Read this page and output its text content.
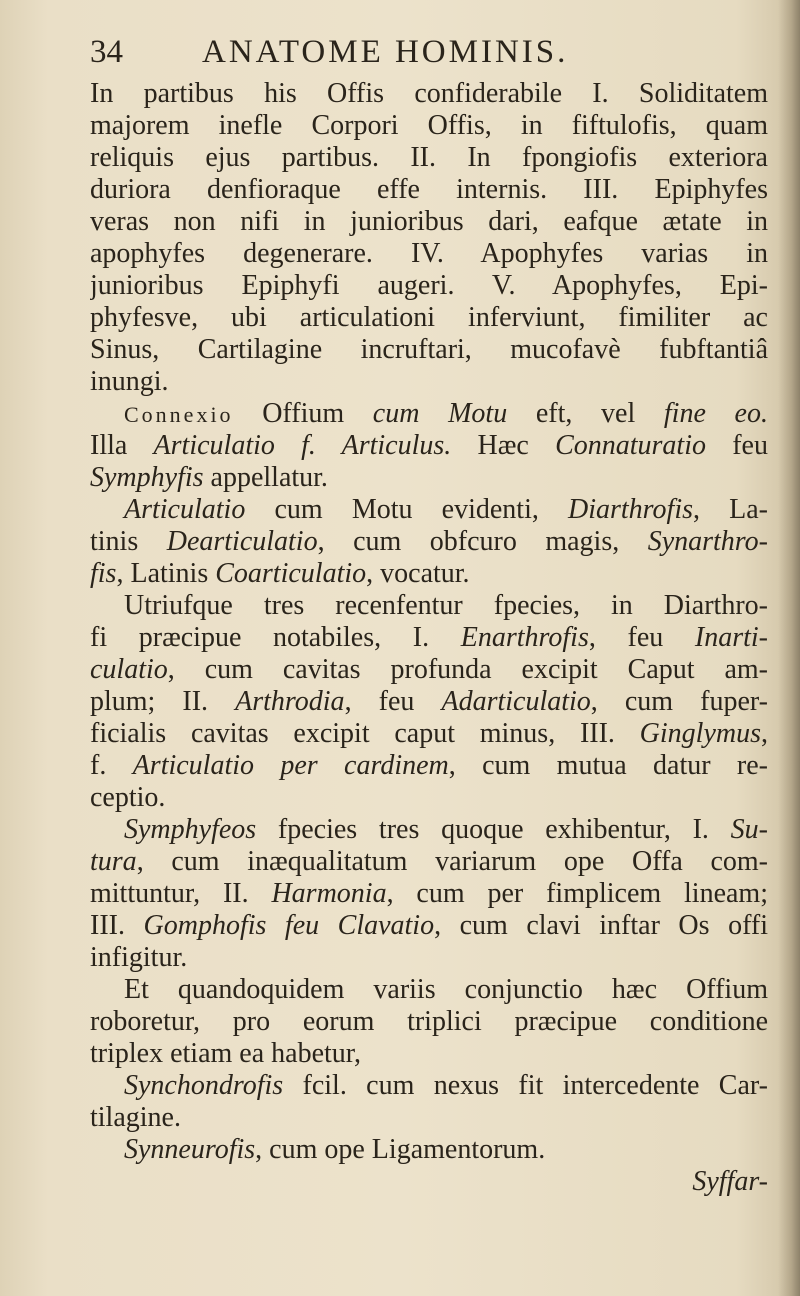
34 ANATOME HOMINIS.
In partibus his Offis confiderabile I. Soliditatem
majorem inefle Corpori Offis, in fiftulofis, quam
reliquis ejus partibus. II. In fpongiofis exteriora
duriora denfioraque effe internis. III. Epiphyfes
veras non nifi in junioribus dari, eafque ætate in
apophyfes degenerare. IV. Apophyfes varias in
junioribus Epiphyfi augeri. V. Apophyfes, Epi-
phyfesve, ubi articulationi inferviunt, fimiliter ac
Sinus, Cartilagine incruftari, mucofavè fubftantiâ
inungi.
Connexio Offium cum Motu eft, vel fine eo.
Illa Articulatio f. Articulus. Hæc Connaturatio feu
Symphyfis appellatur.
Articulatio cum Motu evidenti, Diarthrofis, La-
tinis Dearticulatio, cum obfcuro magis, Synarthro-
fis, Latinis Coarticulatio, vocatur.
Utriufque tres recenfentur fpecies, in Diarthro-
fi præcipue notabiles, I. Enarthrofis, feu Inarti-
culatio, cum cavitas profunda excipit Caput am-
plum; II. Arthrodia, feu Adarticulatio, cum fuper-
ficialis cavitas excipit caput minus, III. Ginglymus,
f. Articulatio per cardinem, cum mutua datur re-
ceptio.
Symphyfeos fpecies tres quoque exhibentur, I. Su-
tura, cum inæqualitatum variarum ope Offa com-
mittuntur, II. Harmonia, cum per fimplicem lineam;
III. Gomphofis feu Clavatio, cum clavi inftar Os offi
infigitur.
Et quandoquidem variis conjunctio hæc Offium
roboretur, pro eorum triplici præcipue conditione
triplex etiam ea habetur,
Synchondrofis fcil. cum nexus fit intercedente Car-
tilagine.
Synneurofis, cum ope Ligamentorum.
Syffar-
